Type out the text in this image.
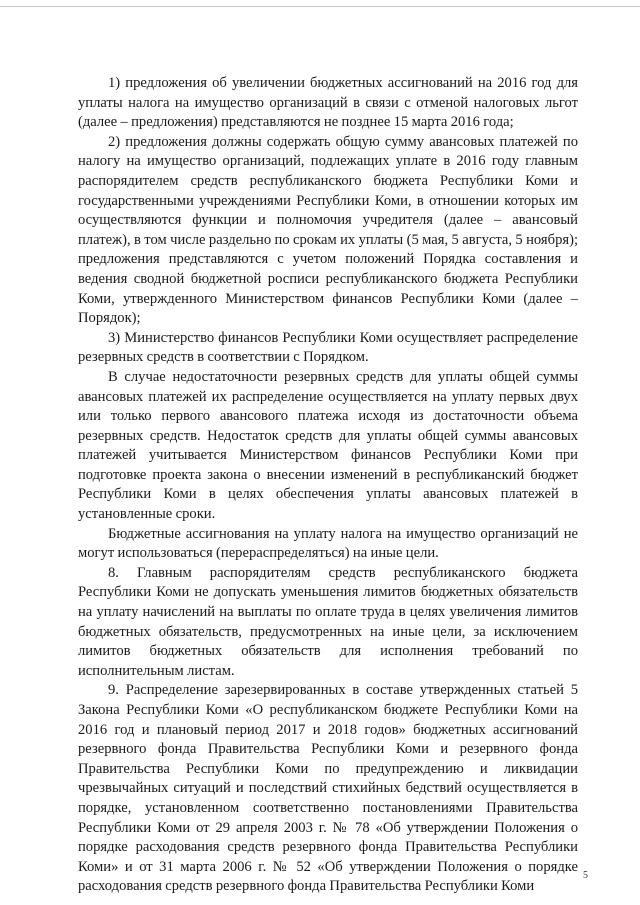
1) предложения об увеличении бюджетных ассигнований на 2016 год для уплаты налога на имущество организаций в связи с отменой налоговых льгот (далее – предложения) представляются не позднее 15 марта 2016 года;

2) предложения должны содержать общую сумму авансовых платежей по налогу на имущество организаций, подлежащих уплате в 2016 году главным распорядителем средств республиканского бюджета Республики Коми и государственными учреждениями Республики Коми, в отношении которых им осуществляются функции и полномочия учредителя (далее – авансовый платеж), в том числе раздельно по срокам их уплаты (5 мая, 5 августа, 5 ноября); предложения представляются с учетом положений Порядка составления и ведения сводной бюджетной росписи республиканского бюджета Республики Коми, утвержденного Министерством финансов Республики Коми (далее – Порядок);

3) Министерство финансов Республики Коми осуществляет распределение резервных средств в соответствии с Порядком.

В случае недостаточности резервных средств для уплаты общей суммы авансовых платежей их распределение осуществляется на уплату первых двух или только первого авансового платежа исходя из достаточности объема резервных средств. Недостаток средств для уплаты общей суммы авансовых платежей учитывается Министерством финансов Республики Коми при подготовке проекта закона о внесении изменений в республиканский бюджет Республики Коми в целях обеспечения уплаты авансовых платежей в установленные сроки.

Бюджетные ассигнования на уплату налога на имущество организаций не могут использоваться (перераспределяться) на иные цели.

8. Главным распорядителям средств республиканского бюджета Республики Коми не допускать уменьшения лимитов бюджетных обязательств на уплату начислений на выплаты по оплате труда в целях увеличения лимитов бюджетных обязательств, предусмотренных на иные цели, за исключением лимитов бюджетных обязательств для исполнения требований по исполнительным листам.

9. Распределение зарезервированных в составе утвержденных статьей 5 Закона Республики Коми «О республиканском бюджете Республики Коми на 2016 год и плановый период 2017 и 2018 годов» бюджетных ассигнований резервного фонда Правительства Республики Коми и резервного фонда Правительства Республики Коми по предупреждению и ликвидации чрезвычайных ситуаций и последствий стихийных бедствий осуществляется в порядке, установленном соответственно постановлениями Правительства Республики Коми от 29 апреля 2003 г. № 78 «Об утверждении Положения о порядке расходования средств резервного фонда Правительства Республики Коми» и от 31 марта 2006 г. № 52 «Об утверждении Положения о порядке расходования средств резервного фонда Правительства Республики Коми

5
